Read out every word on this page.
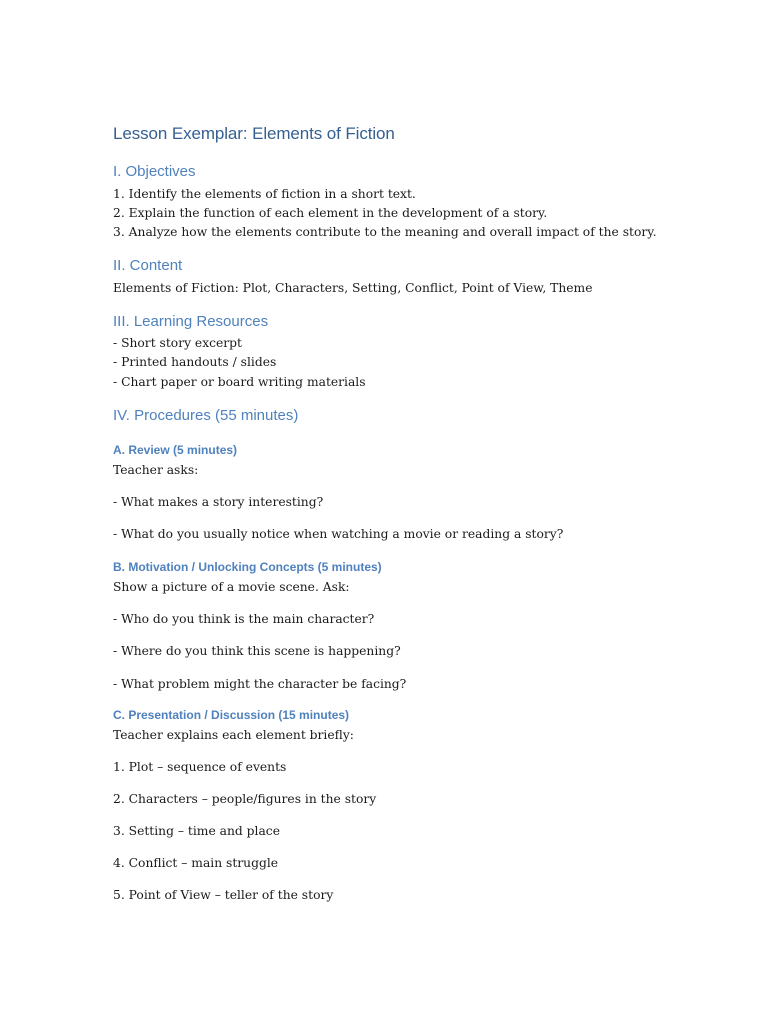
Lesson Exemplar: Elements of Fiction
I. Objectives
1. Identify the elements of fiction in a short text.
2. Explain the function of each element in the development of a story.
3. Analyze how the elements contribute to the meaning and overall impact of the story.
II. Content
Elements of Fiction: Plot, Characters, Setting, Conflict, Point of View, Theme
III. Learning Resources
- Short story excerpt
- Printed handouts / slides
- Chart paper or board writing materials
IV. Procedures (55 minutes)
A. Review (5 minutes)
Teacher asks:
- What makes a story interesting?
- What do you usually notice when watching a movie or reading a story?
B. Motivation / Unlocking Concepts (5 minutes)
Show a picture of a movie scene. Ask:
- Who do you think is the main character?
- Where do you think this scene is happening?
- What problem might the character be facing?
C. Presentation / Discussion (15 minutes)
Teacher explains each element briefly:
1. Plot – sequence of events
2. Characters – people/figures in the story
3. Setting – time and place
4. Conflict – main struggle
5. Point of View – teller of the story
